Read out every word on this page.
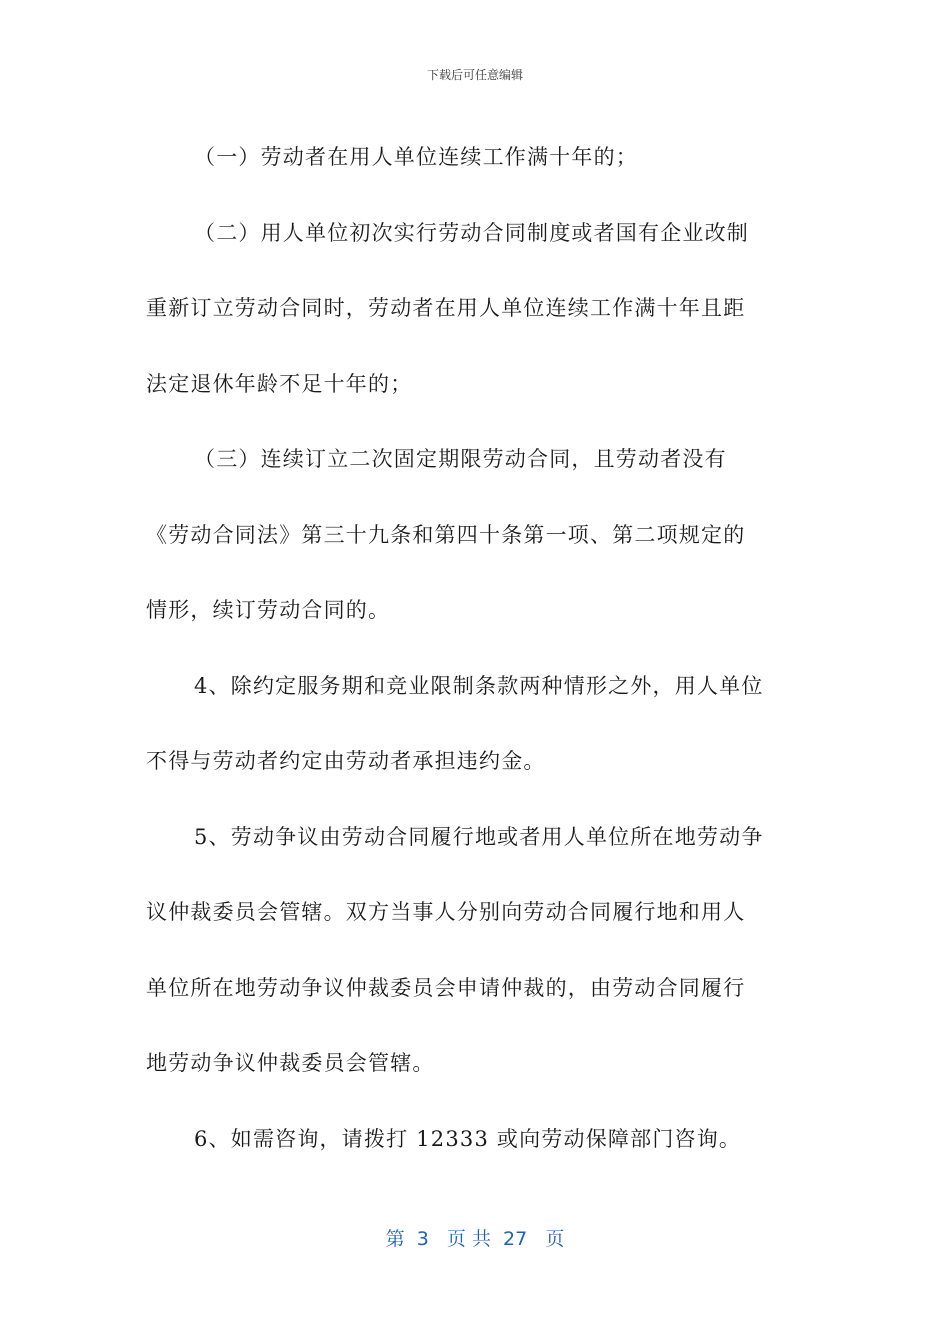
下载后可任意编辑

（一）劳动者在用人单位连续工作满十年的；

（二）用人单位初次实行劳动合同制度或者国有企业改制
重新订立劳动合同时，劳动者在用人单位连续工作满十年且距
法定退休年龄不足十年的；

（三）连续订立二次固定期限劳动合同，且劳动者没有
《劳动合同法》第三十九条和第四十条第一项、第二项规定的
情形，续订劳动合同的。

4、除约定服务期和竞业限制条款两种情形之外，用人单位
不得与劳动者约定由劳动者承担违约金。

5、劳动争议由劳动合同履行地或者用人单位所在地劳动争
议仲裁委员会管辖。双方当事人分别向劳动合同履行地和用人
单位所在地劳动争议仲裁委员会申请仲裁的，由劳动合同履行
地劳动争议仲裁委员会管辖。

6、如需咨询，请拨打 12333 或向劳动保障部门咨询。

第  3   页 共  27   页
